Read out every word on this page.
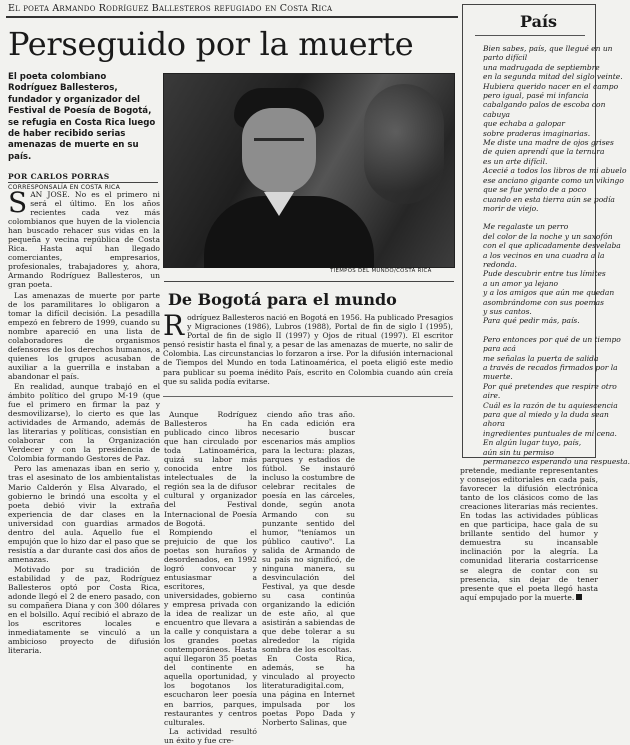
El poeta Armando Rodríguez Ballesteros refugiado en Costa Rica
Perseguido por la muerte
El poeta colombiano Rodríguez Ballesteros, fundador y organizador del Festival de Poesía de Bogotá, se refugia en Costa Rica luego de haber recibido serias amenazas de muerte en su país.
POR CARLOS PORRAS
CORRESPONSALÍA EN COSTA RICA
TIEMPOS DEL MUNDO/COSTA RICA

SAN JOSE. No es el primero ni será el último. En los años recientes cada vez más colombianos que huyen de la violencia han buscado rehacer sus vidas en la pequeña y vecina república de Costa Rica. Hasta aquí han llegado comerciantes, empresarios, profesionales, trabajadores y, ahora, Armando Rodríguez Ballesteros, un gran poeta.

Las amenazas de muerte por parte de los paramilitares lo obligaron a tomar la difícil decisión. La pesadilla empezó en febrero de 1999, cuando su nombre apareció en una lista de colaboradores de organismos defensores de los derechos humanos, a quienes los grupos acusaban de auxiliar a la guerrilla e instaban a abandonar el país.

En realidad, aunque trabajó en el ámbito político del grupo M-19 (que fue el primero en firmar la paz y desmovilizarse), lo cierto es que las actividades de Armando, además de las literarias y políticas, consistían en colaborar con la Organización Verdecer y con la presidencia de Colombia formando Gestores de Paz.

Pero las amenazas iban en serio y, tras el asesinato de los ambientalistas Mario Calderón y Elsa Alvarado, el gobierno le brindó una escolta y el poeta debió vivir la extraña experiencia de dar clases en la universidad con guardias armados dentro del aula. Aquello fue el empujón que lo hizo dar el paso que se resistía a dar durante casi dos años de amenazas.

Motivado por su tradición de estabilidad y de paz, Rodríguez Ballesteros optó por Costa Rica, adonde llegó el 2 de enero pasado, con su compañera Diana y con 300 dólares en el bolsillo. Aquí recibió el abrazo de los escritores locales e inmediatamente se vinculó a un ambicioso proyecto de difusión literaria.

De Bogotá para el mundo

Rodríguez Ballesteros nació en Bogotá en 1956. Ha publicado Presagios y Migraciones (1986), Lubros (1988), Portal de fin de siglo I (1995), Portal de fin de siglo II (1997) y Ojos de ritual (1997). El escritor pensó resistir hasta el final y, a pesar de las amenazas de muerte, no salir de Colombia. Las circunstancias lo forzaron a irse. Por la difusión internacional de Tiempos del Mundo en toda Latinoamérica, el poeta eligió este medio para publicar su poema inédito País, escrito en Colombia cuando aún creía que su salida podía evitarse.

Aunque Rodríguez Ballesteros ha publicado cinco libros que han circulado por toda Latinoamérica, quizá su labor más conocida entre los intelectuales de la región sea la de difusor cultural y organizador del Festival Internacional de Poesía de Bogotá.

Rompiendo el prejuicio de que los poetas son huraños y desordenados, en 1992 logró convocar y entusiasmar a escritores, universidades, gobierno y empresa privada con la idea de realizar un encuentro que llevara a la calle y conquistara a los grandes poetas contemporáneos. Hasta aquí llegaron 35 poetas del continente en aquella oportunidad, y los bogotanos los escucharon leer poesía en barrios, parques, restaurantes y centros culturales.

La actividad resultó un éxito y fue cre-

ciendo año tras año. En cada edición era necesario buscar escenarios más amplios para la lectura: plazas, parques y estadios de fútbol. Se instauró incluso la costumbre de celebrar recitales de poesía en las cárceles, donde, según anota Armando con su punzante sentido del humor, "teníamos un público cautivo". La salida de Armando de su país no significó, de ninguna manera, su desvinculación del Festival, ya que desde su casa continúa organizando la edición de este año, al que asistirán a sabiendas de que debe tolerar a su alrededor la rígida sombra de los escoltas.

En Costa Rica, además, se ha vinculado al proyecto literaturadigital.com, una página en Internet impulsada por los poetas Popo Dada y Norberto Salinas, que

País

Bien sabes, país, que llegué en un
parto difícil
una madrugada de septiembre
en la segunda mitad del siglo veinte.
Hubiera querido nacer en el campo
pero igual, pasé mi infancia
cabalgando palos de escoba con
cabuya
que echaba a galopar
sobre praderas imaginarias.
Me diste una madre de ojos grises
de quien aprendí que la ternura
es un arte difícil.
Acecié a todos los libros de mi abuelo
ese anciano gigante como un vikingo
que se fue yendo de a poco
cuando en esta tierra aún se podía
morir de viejo.

Me regalaste un perro
del color de la noche y un saxofón
con el que aplicadamente desvelaba
a los vecinos en una cuadra a la
redonda.
Pude descubrir entre tus límites
a un amor ya lejano
y a los amigos que aún me quedan
asombrándome con sus poemas
y sus cantos.
Para qué pedir más, país.

Pero entonces por qué de un tiempo
para acá
me señalas la puerta de salida
a través de recados firmados por la
muerte.
Por qué pretendes que respire otro
aire.
Cuál es la razón de tu aquiescencia
para que al miedo y la duda sean
ahora
ingredientes puntuales de mi cena.
En algún lugar tuyo, país,
aún sin tu permiso
permanezco esperando una respuesta.

pretende, mediante representantes y consejos editoriales en cada país, favorecer la difusión electrónica tanto de los clásicos como de las creaciones literarias más recientes. En todas las actividades públicas en que participa, hace gala de su brillante sentido del humor y demuestra su incansable inclinación por la alegría. La comunidad literaria costarricense se alegra de contar con su presencia, sin dejar de tener presente que el poeta llegó hasta aquí empujado por la muerte.
